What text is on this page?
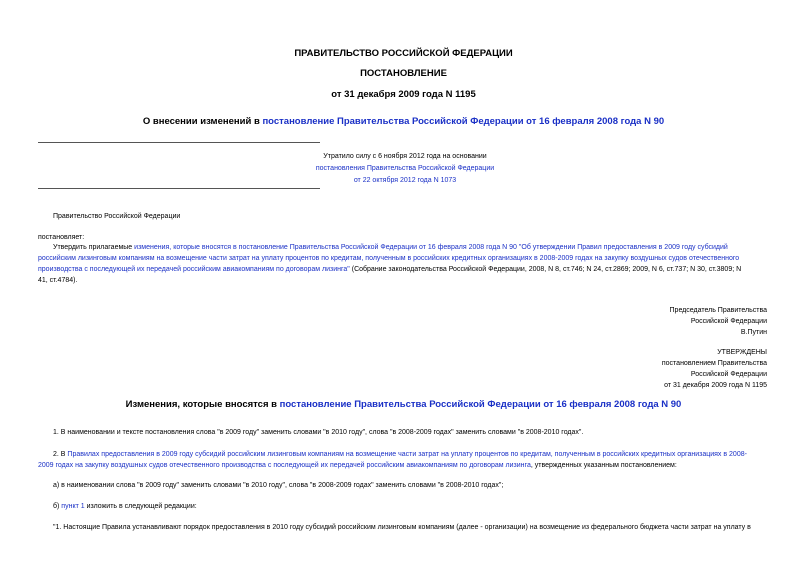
ПРАВИТЕЛЬСТВО РОССИЙСКОЙ ФЕДЕРАЦИИ
ПОСТАНОВЛЕНИЕ
от 31 декабря 2009 года N 1195
О внесении изменений в постановление Правительства Российской Федерации от 16 февраля 2008 года N 90
Утратило силу с 6 ноября 2012 года на основании
постановления Правительства Российской Федерации
от 22 октября 2012 года N 1073
Правительство Российской Федерации
постановляет:
Утвердить прилагаемые изменения, которые вносятся в постановление Правительства Российской Федерации от 16 февраля 2008 года N 90 "Об утверждении Правил предоставления в 2009 году субсидий
российским лизинговым компаниям на возмещение части затрат на уплату процентов по кредитам, полученным в российских кредитных организациях в 2008-2009 годах на закупку воздушных судов отечественного
производства с последующей их передачей российским авиакомпаниям по договорам лизинга" (Собрание законодательства Российской Федерации, 2008, N 8, ст.746; N 24, ст.2869; 2009, N 6, ст.737; N 30, ст.3809; N
41, ст.4784).
Председатель Правительства
Российской Федерации
В.Путин
УТВЕРЖДЕНЫ
постановлением Правительства
Российской Федерации
от 31 декабря 2009 года N 1195
Изменения, которые вносятся в постановление Правительства Российской Федерации от 16 февраля 2008 года N 90
1. В наименовании и тексте постановления слова "в 2009 году" заменить словами "в 2010 году", слова "в 2008-2009 годах" заменить словами "в 2008-2010 годах".
2. В Правилах предоставления в 2009 году субсидий российским лизинговым компаниям на возмещение части затрат на уплату процентов по кредитам, полученным в российских кредитных организациях в 2008-
2009 годах на закупку воздушных судов отечественного производства с последующей их передачей российским авиакомпаниям по договорам лизинга, утвержденных указанным постановлением:
а) в наименовании слова "в 2009 году" заменить словами "в 2010 году", слова "в 2008-2009 годах" заменить словами "в 2008-2010 годах";
б) пункт 1 изложить в следующей редакции:
"1. Настоящие Правила устанавливают порядок предоставления в 2010 году субсидий российским лизинговым компаниям (далее - организации) на возмещение из федерального бюджета части затрат на уплату в
